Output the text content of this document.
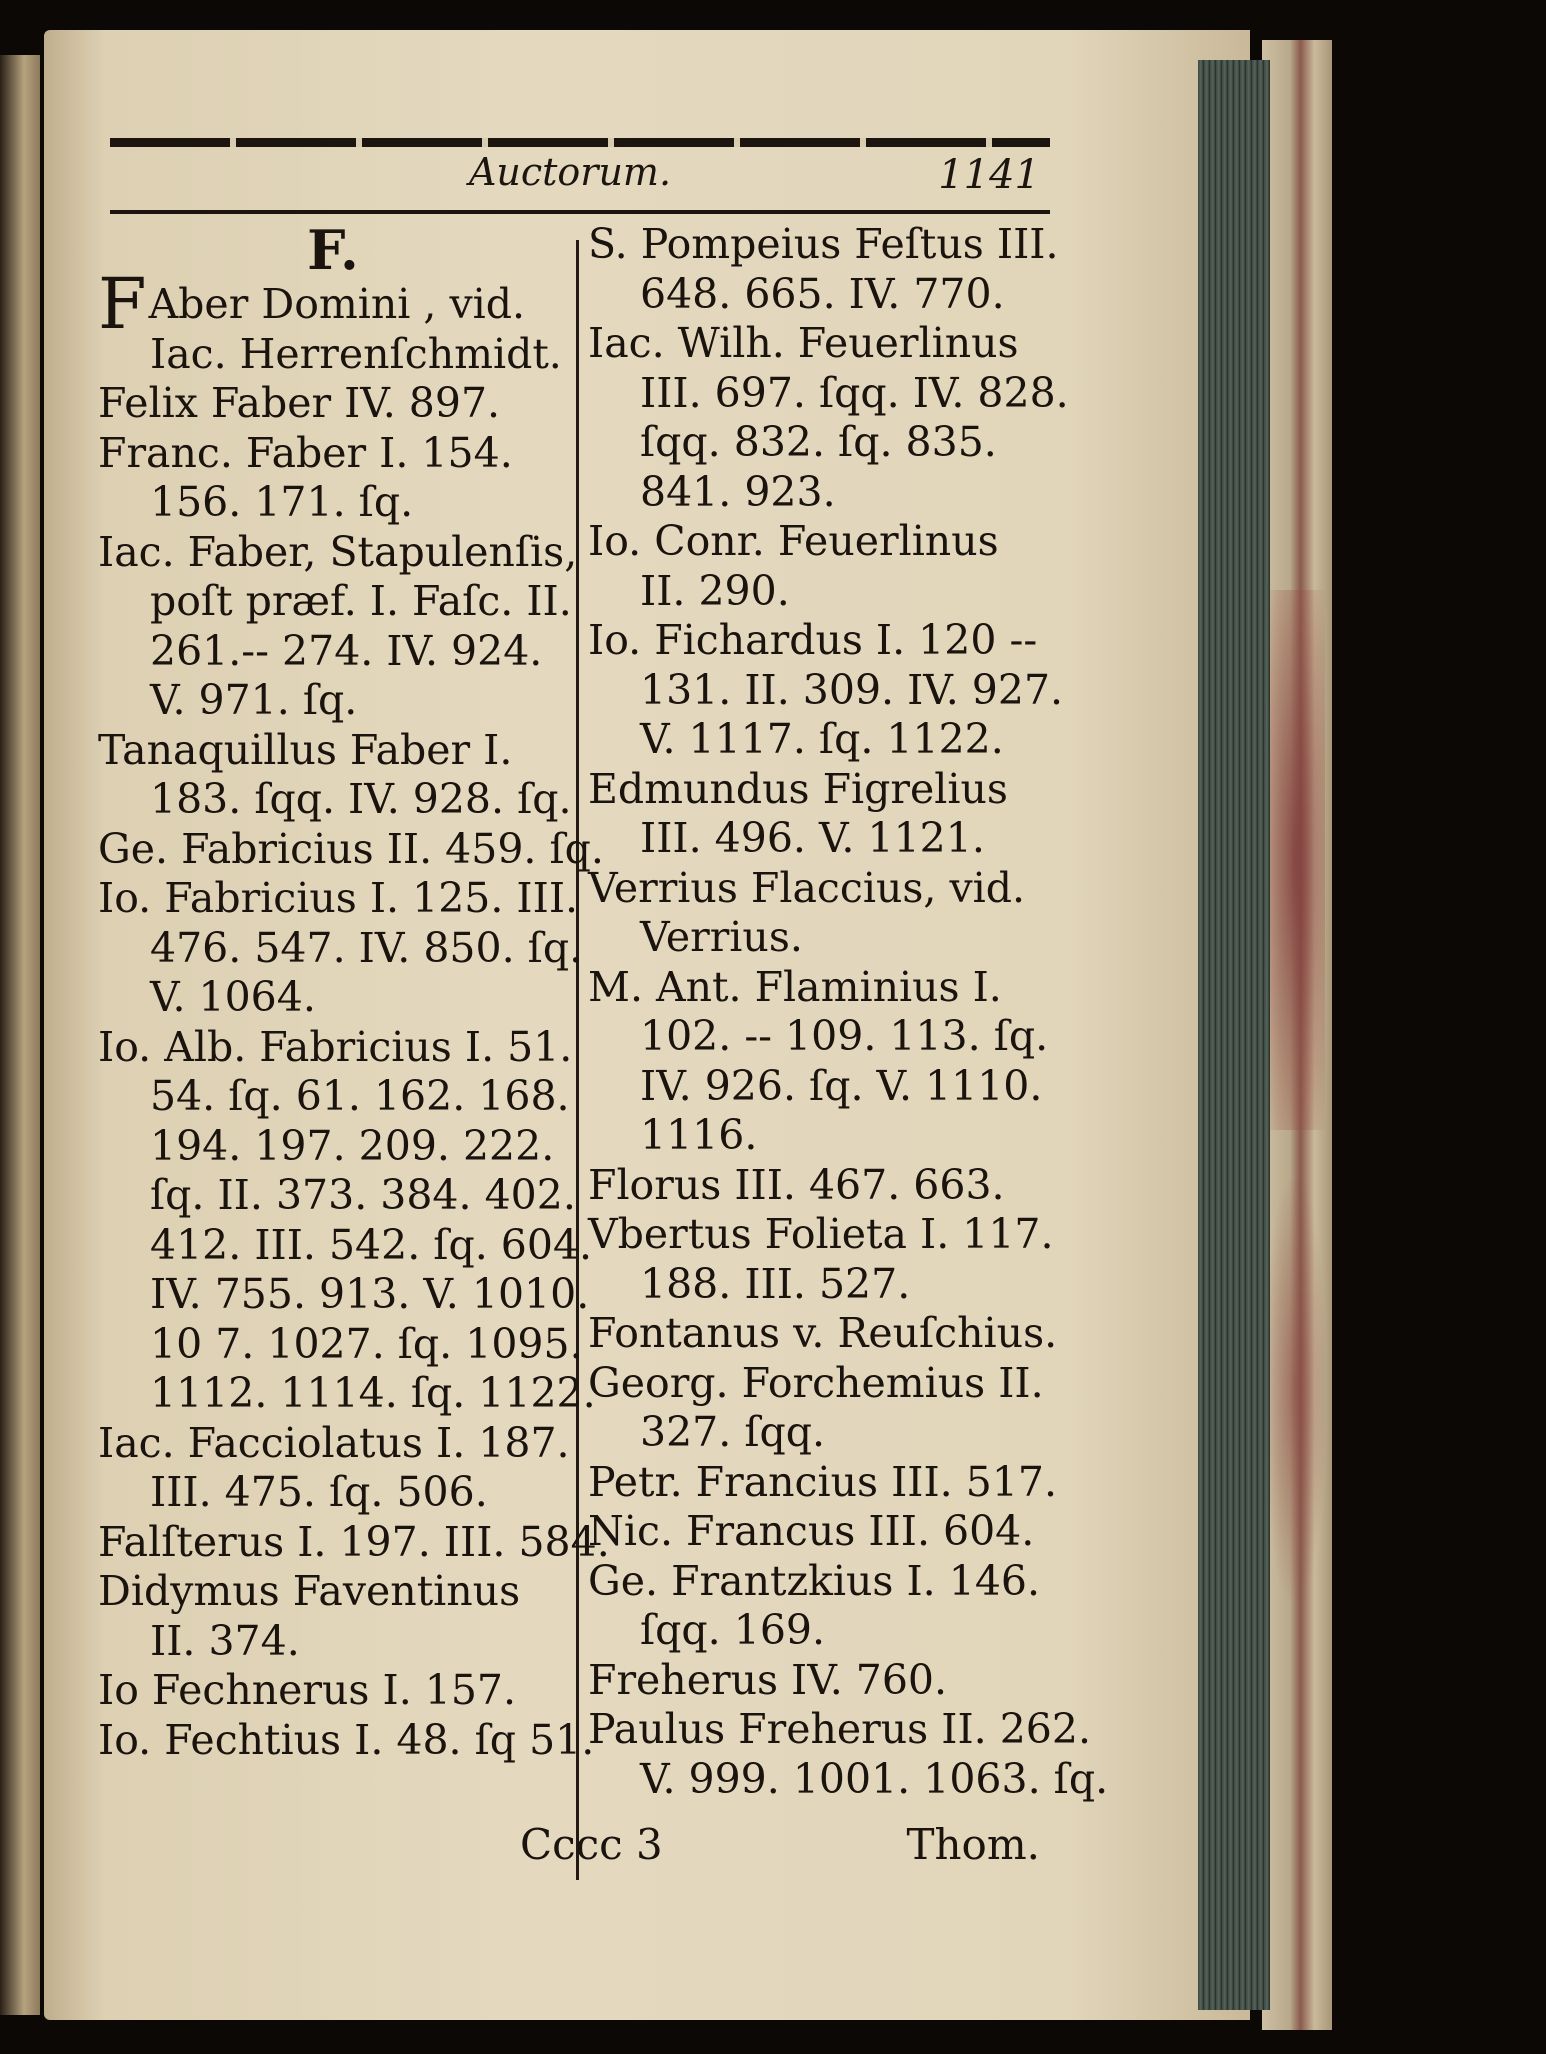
Auctorum.	1141

F.

FAber Domini , vid.

Iac. Herrenſchmidt.

Felix Faber IV. 897.

Franc. Faber I. 154.

156. 171. ſq.

Iac. Faber, Stapulenſis,

poſt præf. I. Faſc. II.

261.-- 274. IV. 924.

V. 971. ſq.

Tanaquillus Faber I.

183. ſqq. IV. 928. ſq.

Ge. Fabricius II. 459. ſq.

Io. Fabricius I. 125. III.

476. 547. IV. 850. ſq.

V. 1064.

Io. Alb. Fabricius I. 51.

54. ſq. 61. 162. 168.

194. 197. 209. 222.

ſq. II. 373. 384. 402.

412. III. 542. ſq. 604.

IV. 755. 913. V. 1010.

10 7. 1027. ſq. 1095.

1112. 1114. ſq. 1122.

Iac. Facciolatus I. 187.

III. 475. ſq. 506.

Falſterus I. 197. III. 584.

Didymus Faventinus

II. 374.

Io Fechnerus I. 157.

Io. Fechtius I. 48. ſq 51.

S. Pompeius Feſtus III.

648. 665. IV. 770.

Iac. Wilh. Feuerlinus

III. 697. ſqq. IV. 828.

ſqq. 832. ſq. 835.

841. 923.

Io. Conr. Feuerlinus

II. 290.

Io. Fichardus I. 120 --

131. II. 309. IV. 927.

V. 1117. ſq. 1122.

Edmundus Figrelius

III. 496. V. 1121.

Verrius Flaccius, vid.

Verrius.

M. Ant. Flaminius I.

102. -- 109. 113. ſq.

IV. 926. ſq. V. 1110.

1116.

Florus III. 467. 663.

Vbertus Folieta I. 117.

188. III. 527.

Fontanus v. Reuſchius.

Georg. Forchemius II.

327. ſqq.

Petr. Francius III. 517.

Nic. Francus III. 604.

Ge. Frantzkius I. 146.

ſqq. 169.

Freherus IV. 760.

Paulus Freherus II. 262.

V. 999. 1001. 1063. ſq.

Cccc 3	Thom.
